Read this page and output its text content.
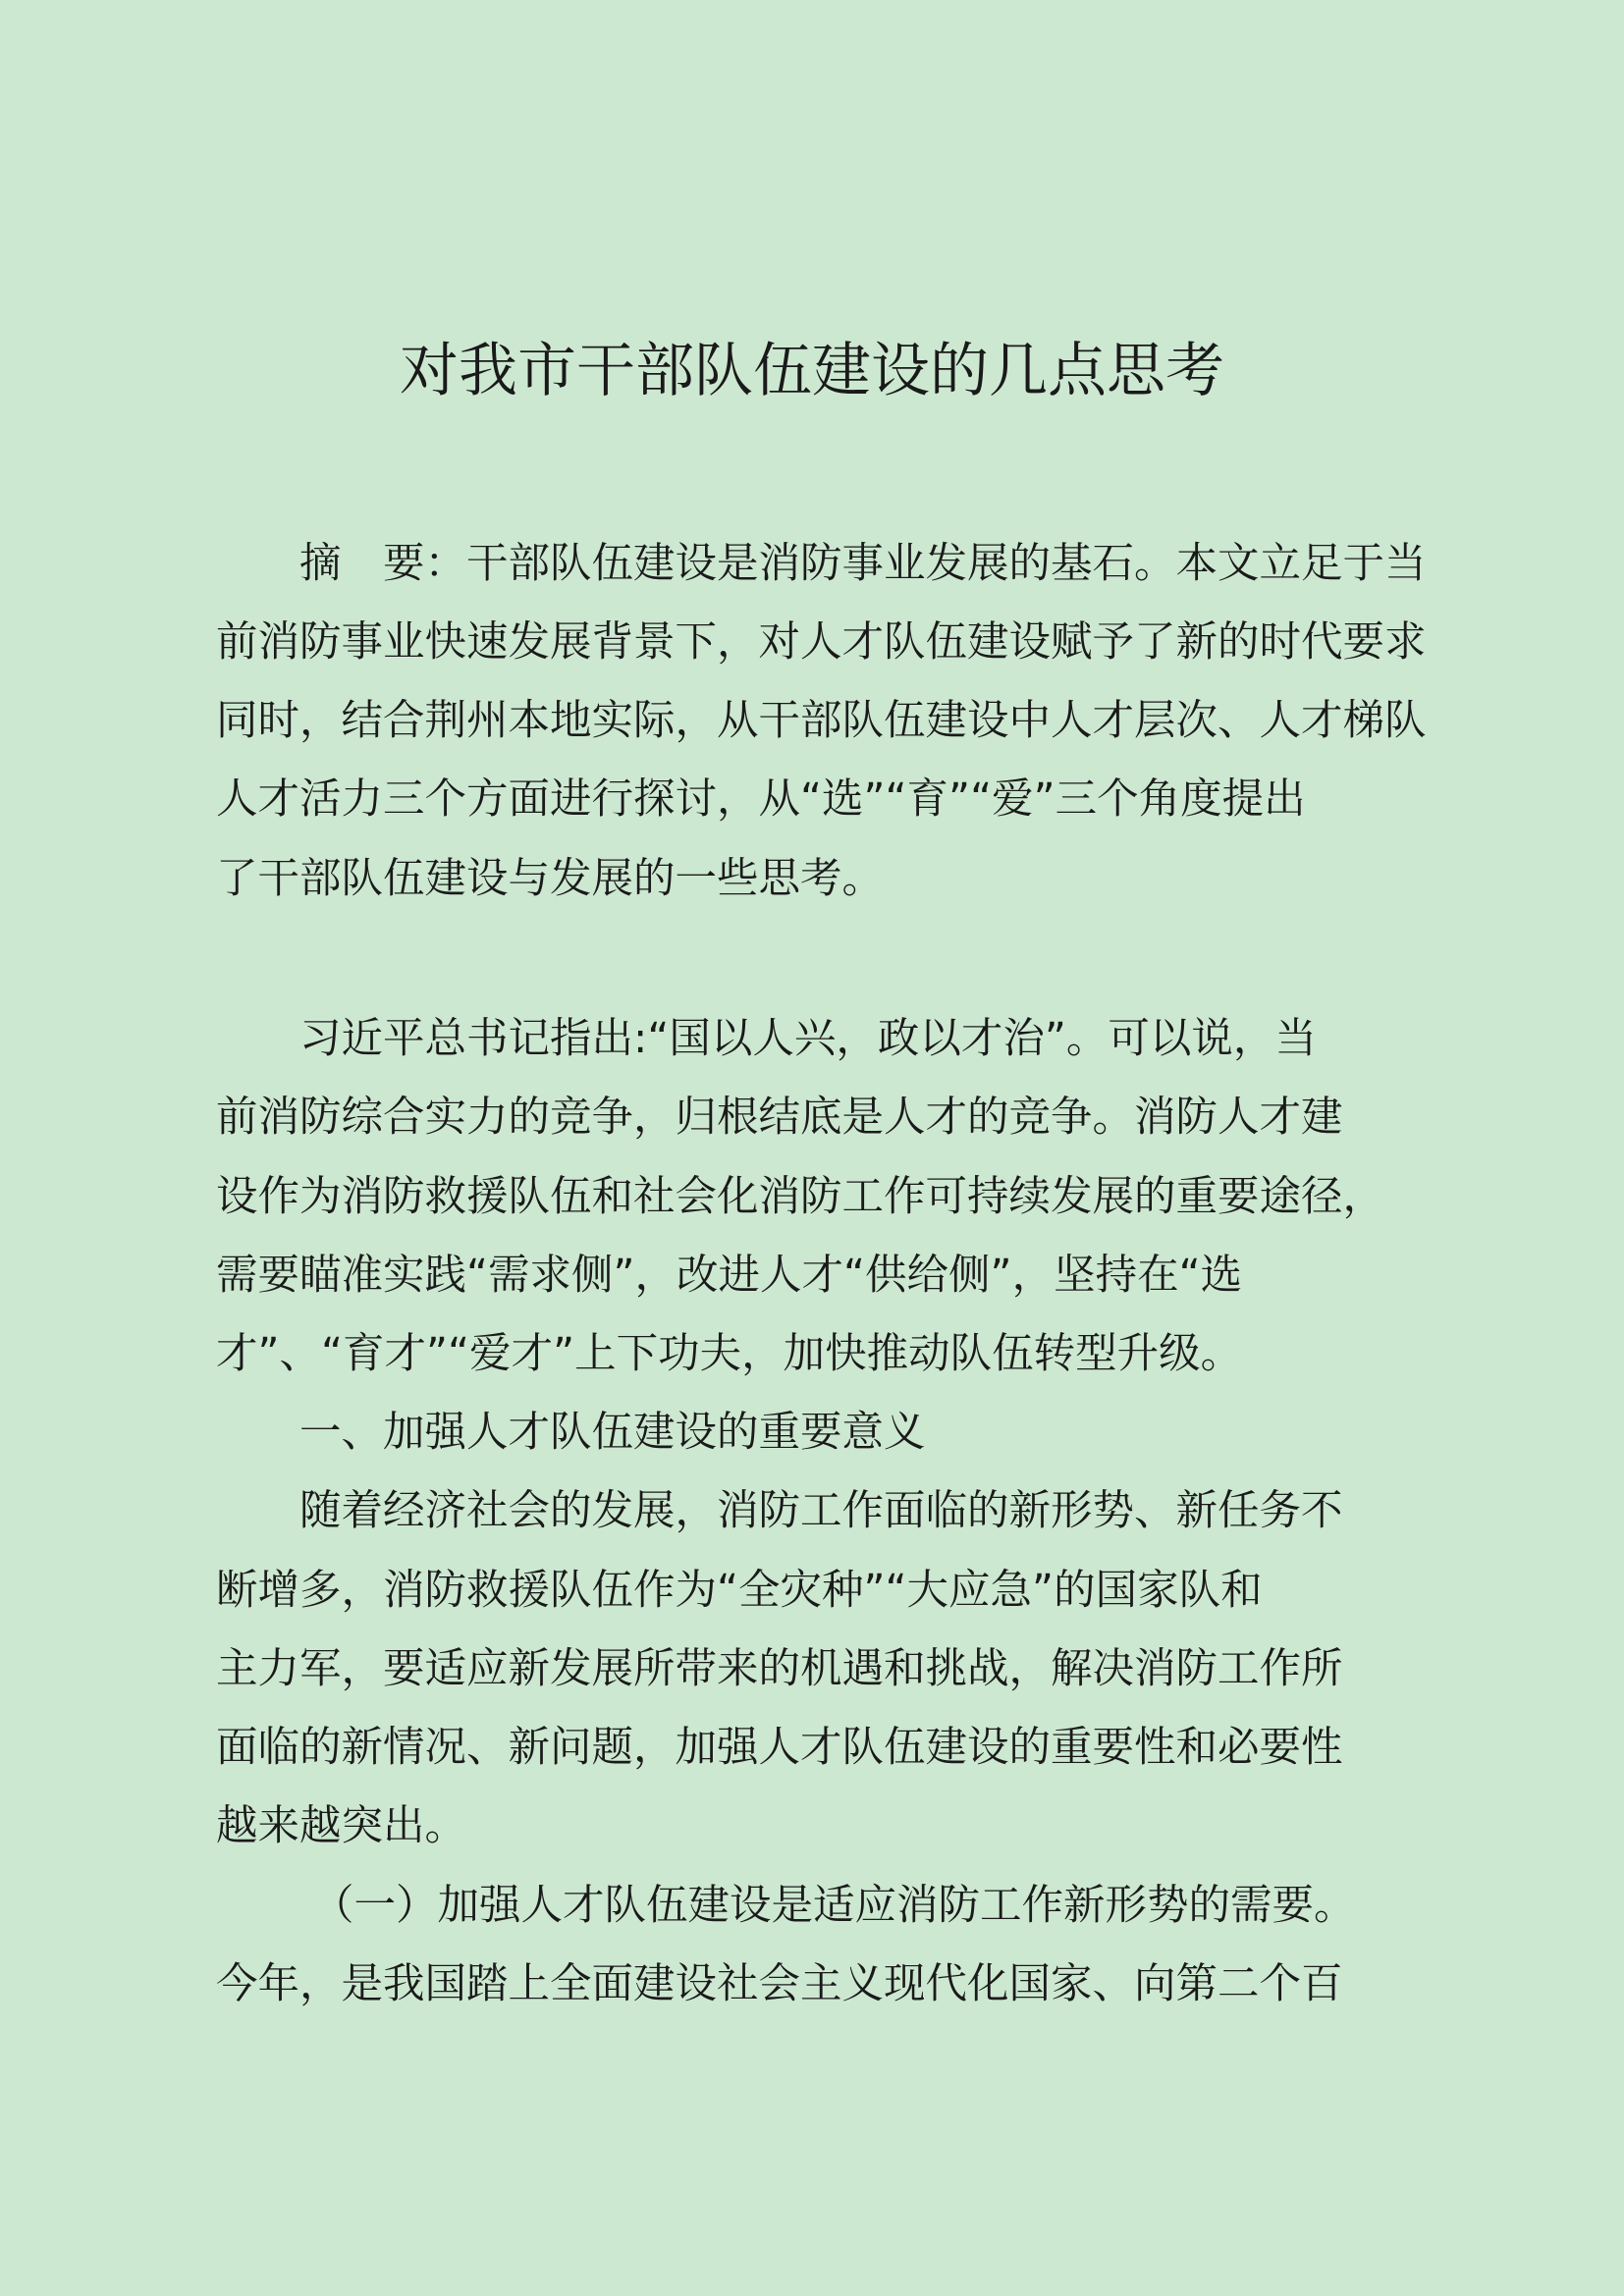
对我市干部队伍建设的几点思考
摘　要：干部队伍建设是消防事业发展的基石。本文立足于当
前消防事业快速发展背景下，对人才队伍建设赋予了新的时代要求
同时，结合荆州本地实际，从干部队伍建设中人才层次、人才梯队
人才活力三个方面进行探讨，从“选”“育”“爱”三个角度提出
了干部队伍建设与发展的一些思考。
习近平总书记指出:“国以人兴，政以才治”。可以说，当
前消防综合实力的竞争，归根结底是人才的竞争。消防人才建
设作为消防救援队伍和社会化消防工作可持续发展的重要途径，
需要瞄准实践“需求侧”，改进人才“供给侧”，坚持在“选
才”、“育才”“爱才”上下功夫，加快推动队伍转型升级。
一、加强人才队伍建设的重要意义
随着经济社会的发展，消防工作面临的新形势、新任务不
断增多，消防救援队伍作为“全灾种”“大应急”的国家队和
主力军，要适应新发展所带来的机遇和挑战，解决消防工作所
面临的新情况、新问题，加强人才队伍建设的重要性和必要性
越来越突出。
（一）加强人才队伍建设是适应消防工作新形势的需要。
今年，是我国踏上全面建设社会主义现代化国家、向第二个百
